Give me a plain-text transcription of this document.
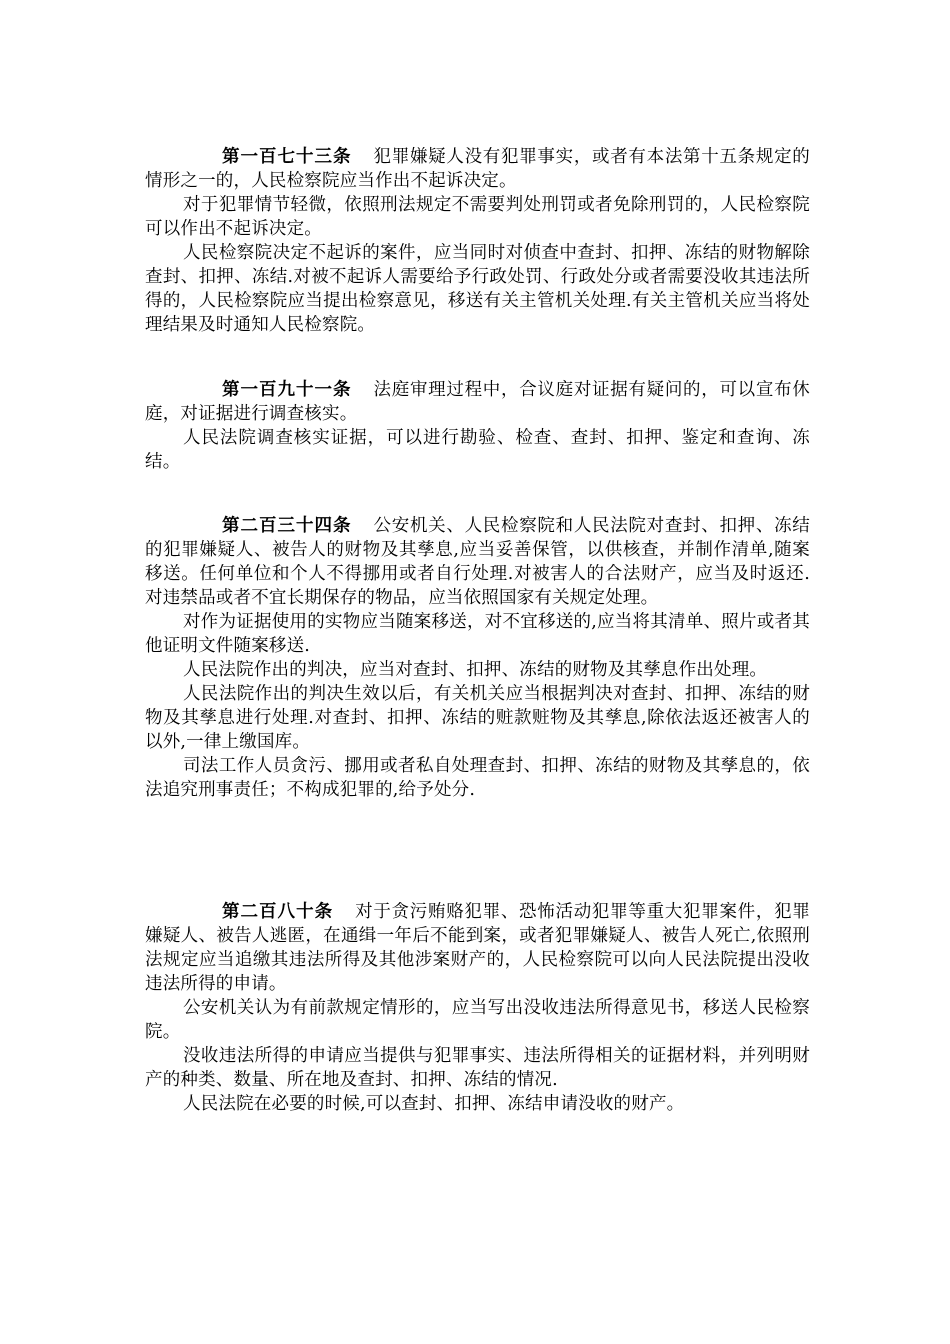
第一百七十三条 犯罪嫌疑人没有犯罪事实，或者有本法第十五条规定的情形之一的，人民检察院应当作出不起诉决定。

对于犯罪情节轻微，依照刑法规定不需要判处刑罚或者免除刑罚的，人民检察院可以作出不起诉决定。

人民检察院决定不起诉的案件，应当同时对侦查中查封、扣押、冻结的财物解除查封、扣押、冻结.对被不起诉人需要给予行政处罚、行政处分或者需要没收其违法所得的，人民检察院应当提出检察意见，移送有关主管机关处理.有关主管机关应当将处理结果及时通知人民检察院。

第一百九十一条 法庭审理过程中，合议庭对证据有疑问的，可以宣布休庭，对证据进行调查核实。

人民法院调查核实证据，可以进行勘验、检查、查封、扣押、鉴定和查询、冻结。

第二百三十四条 公安机关、人民检察院和人民法院对查封、扣押、冻结的犯罪嫌疑人、被告人的财物及其孳息,应当妥善保管，以供核查，并制作清单,随案移送。任何单位和个人不得挪用或者自行处理.对被害人的合法财产，应当及时返还.对违禁品或者不宜长期保存的物品，应当依照国家有关规定处理。

对作为证据使用的实物应当随案移送，对不宜移送的,应当将其清单、照片或者其他证明文件随案移送.

人民法院作出的判决，应当对查封、扣押、冻结的财物及其孳息作出处理。

人民法院作出的判决生效以后，有关机关应当根据判决对查封、扣押、冻结的财物及其孳息进行处理.对查封、扣押、冻结的赃款赃物及其孳息,除依法返还被害人的以外,一律上缴国库。

司法工作人员贪污、挪用或者私自处理查封、扣押、冻结的财物及其孳息的，依法追究刑事责任；不构成犯罪的,给予处分.

第二百八十条 对于贪污贿赂犯罪、恐怖活动犯罪等重大犯罪案件，犯罪嫌疑人、被告人逃匿，在通缉一年后不能到案，或者犯罪嫌疑人、被告人死亡,依照刑法规定应当追缴其违法所得及其他涉案财产的，人民检察院可以向人民法院提出没收违法所得的申请。

公安机关认为有前款规定情形的，应当写出没收违法所得意见书，移送人民检察院。

没收违法所得的申请应当提供与犯罪事实、违法所得相关的证据材料，并列明财产的种类、数量、所在地及查封、扣押、冻结的情况.

人民法院在必要的时候,可以查封、扣押、冻结申请没收的财产。
